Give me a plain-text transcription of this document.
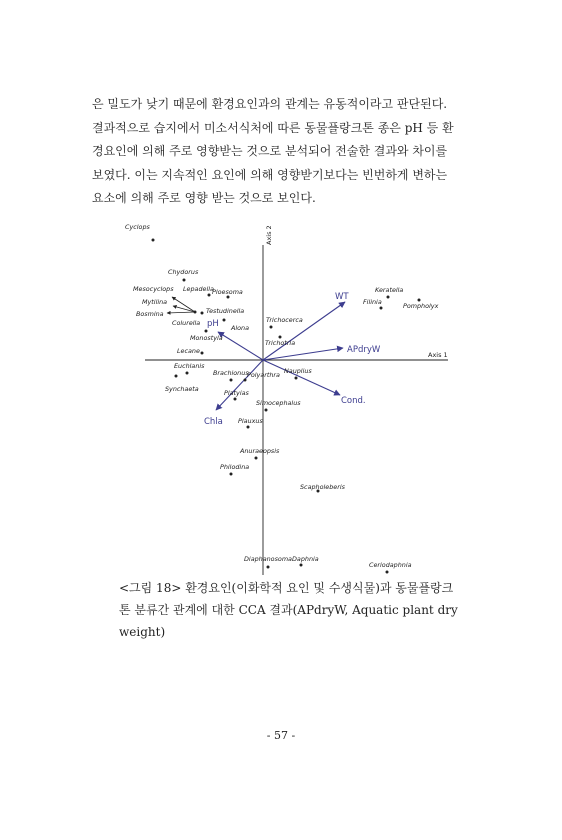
은 밀도가 낮기 때문에 환경요인과의 관계는 유동적이라고 판단된다.
결과적으로 습지에서 미소서식처에 따른 동물플랑크톤 종은 pH 등 환
경요인에 의해 주로 영향받는 것으로 분석되어 전술한 결과와 차이를
보였다. 이는 지속적인 요인에 의해 영향받기보다는 빈번하게 변하는
요소에 의해 주로 영향 받는 것으로 보인다.
Axis 1
Axis 2
WT
APdryW
pH
Cond.
Chla
Cyclops
Chydorus
Mesocyclops Lepadella
Ploesoma
Mytilina
Bosmina	Testudinella
Colurella
Alona
Monostyla
Lecane
Trichocerca
Trichotria
Keratella
Filinia	Pompholyx
Euchlanis
Synchaeta
Brachionus
Polyarthra Nauplius
Platyias
Simocephalus
Plauxus
Anuraeopsis
Philodina
Scapholeberis
Diaphanosoma Daphnia
Ceriodaphnia
<그림 18> 환경요인(이화학적 요인 및 수생식물)과 동물플랑크
톤 분류간 관계에 대한 CCA 결과(APdryW, Aquatic plant dry
weight)
- 57 -
